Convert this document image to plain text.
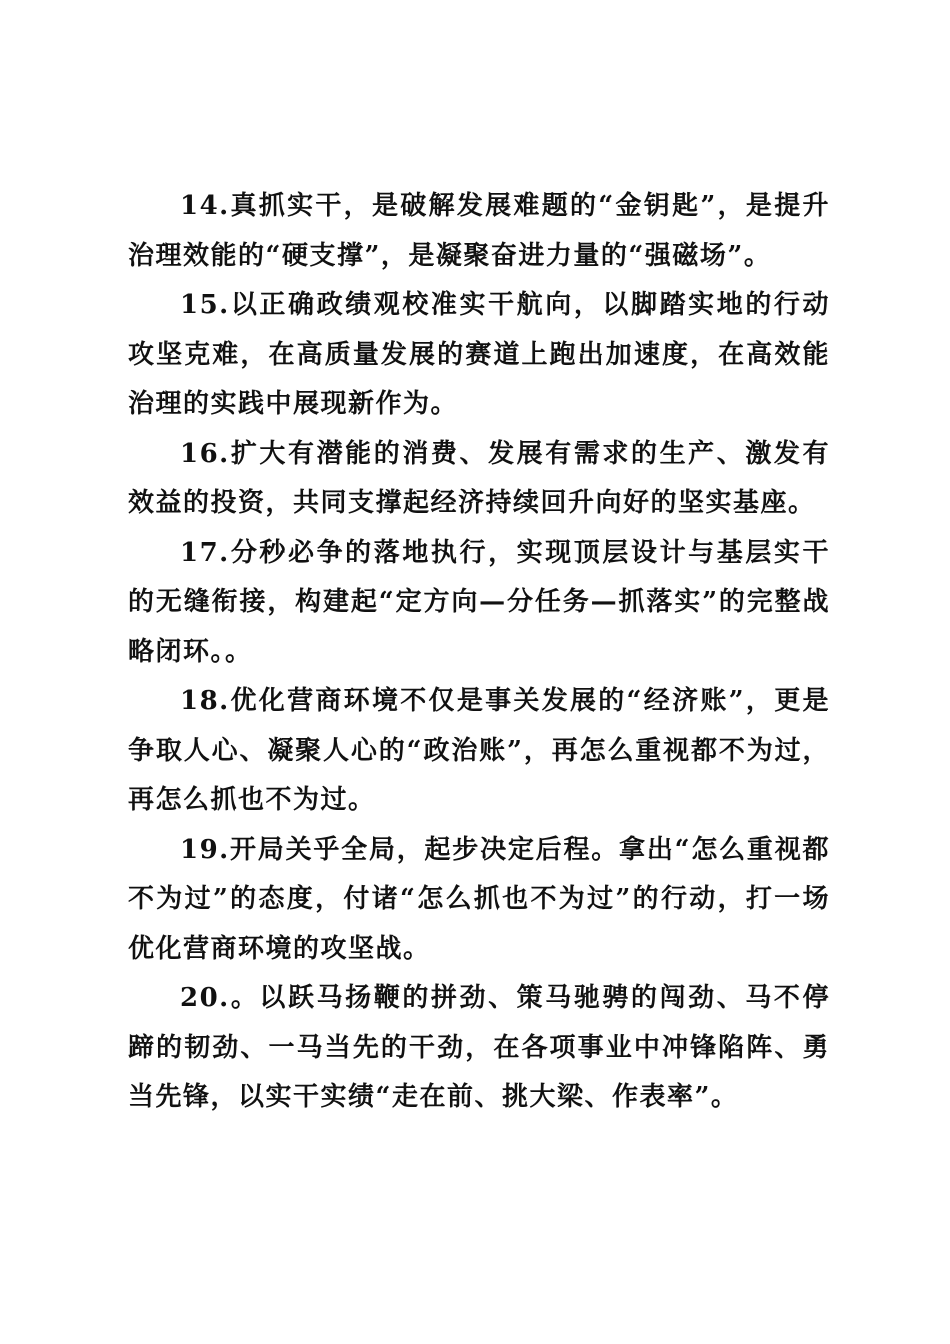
14.真抓实干，是破解发展难题的“金钥匙”，是提升治理效能的“硬支撑”，是凝聚奋进力量的“强磁场”。

15.以正确政绩观校准实干航向，以脚踏实地的行动攻坚克难，在高质量发展的赛道上跑出加速度，在高效能治理的实践中展现新作为。

16.扩大有潜能的消费、发展有需求的生产、激发有效益的投资，共同支撑起经济持续回升向好的坚实基座。

17.分秒必争的落地执行，实现顶层设计与基层实干的无缝衔接，构建起“定方向—分任务—抓落实”的完整战略闭环。。

18.优化营商环境不仅是事关发展的“经济账”，更是争取人心、凝聚人心的“政治账”，再怎么重视都不为过，再怎么抓也不为过。

19.开局关乎全局，起步决定后程。拿出“怎么重视都不为过”的态度，付诸“怎么抓也不为过”的行动，打一场优化营商环境的攻坚战。

20.。以跃马扬鞭的拼劲、策马驰骋的闯劲、马不停蹄的韧劲、一马当先的干劲，在各项事业中冲锋陷阵、勇当先锋，以实干实绩“走在前、挑大梁、作表率”。
